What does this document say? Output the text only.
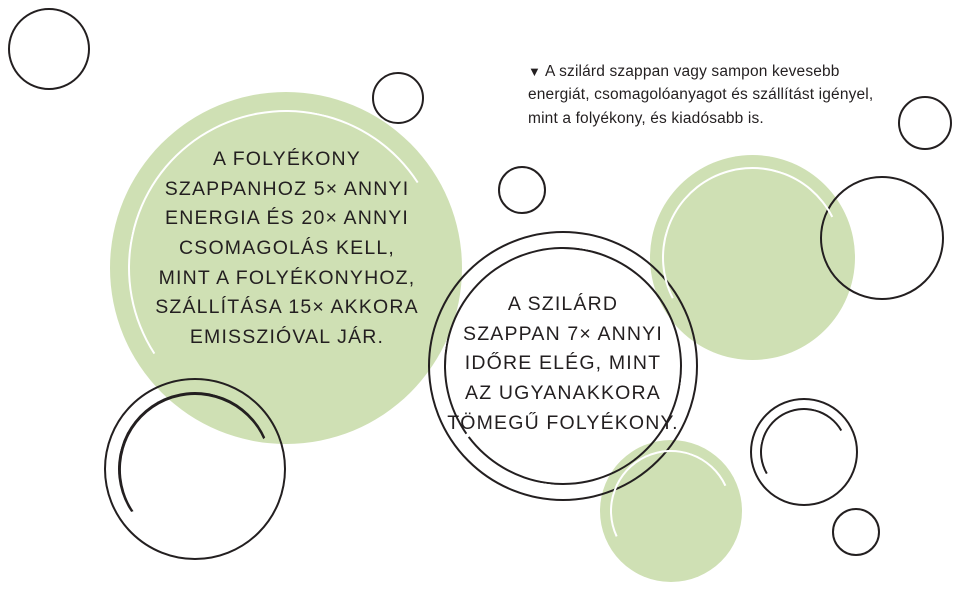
▼ A szilárd szappan vagy sampon kevesebb energiát, csomagolóanyagot és szállítást igényel, mint a folyékony, és kiadósabb is.
A FOLYÉKONY
SZAPPANHOZ 5× ANNYI
ENERGIA ÉS 20× ANNYI
CSOMAGOLÁS KELL,
MINT A FOLYÉKONYHOZ,
SZÁLLÍTÁSA 15× AKKORA
EMISSZIÓVAL JÁR.
A SZILÁRD
SZAPPAN 7× ANNYI
IDŐRE ELÉG, MINT
AZ UGYANAKKORA
TÖMEGŰ FOLYÉKONY.
